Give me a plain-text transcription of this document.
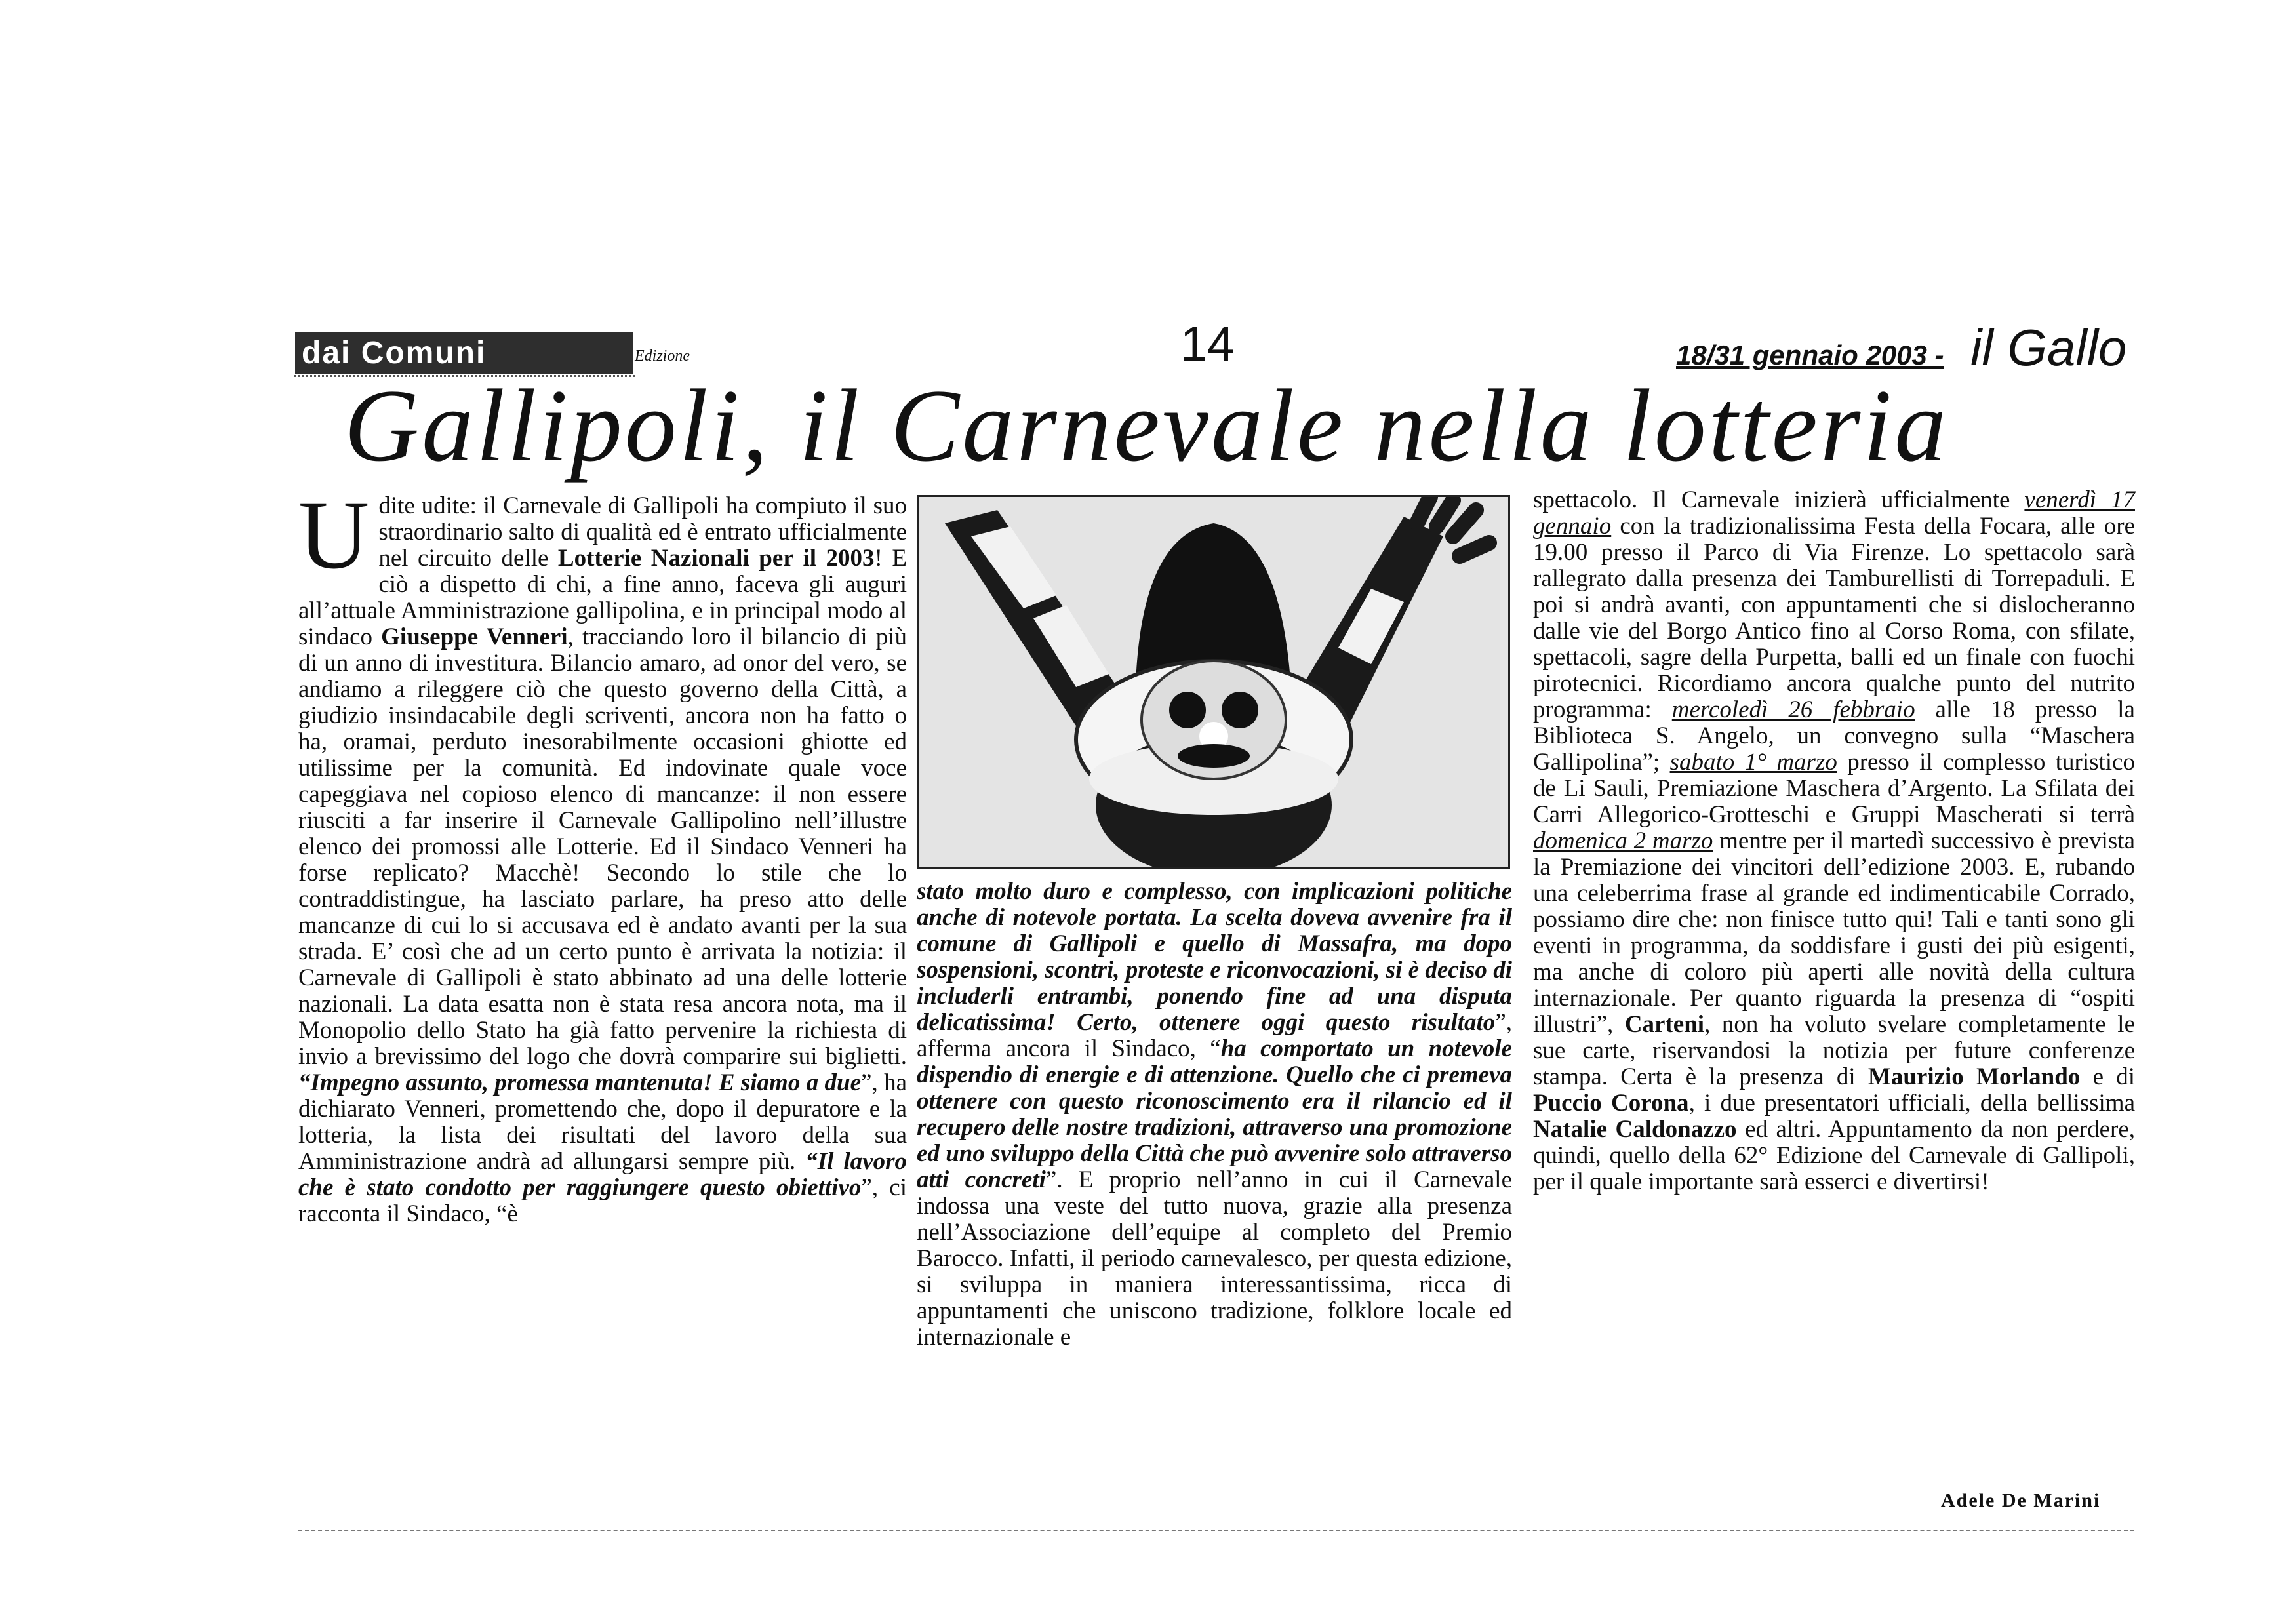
dai Comuni	Edizione	14	18/31 gennaio 2003 - il Gallo
Gallipoli, il Carnevale nella lotteria

Udite udite: il Carnevale di Gallipoli ha compiuto il suo straordinario salto di qualità ed è entrato ufficialmente nel circuito delle Lotterie Nazionali per il 2003! E ciò a dispetto di chi, a fine anno, faceva gli auguri all’attuale Amministrazione gallipolina, e in principal modo al sindaco Giuseppe Venneri, tracciando loro il bilancio di più di un anno di investitura. Bilancio amaro, ad onor del vero, se andiamo a rileggere ciò che questo governo della Città, a giudizio insindacabile degli scriventi, ancora non ha fatto o ha, oramai, perduto inesorabilmente occasioni ghiotte ed utilissime per la comunità. Ed indovinate quale voce capeggiava nel copioso elenco di mancanze: il non essere riusciti a far inserire il Carnevale Gallipolino nell’illustre elenco dei promossi alle Lotterie. Ed il Sindaco Venneri ha forse replicato? Macchè! Secondo lo stile che lo contraddistingue, ha lasciato parlare, ha preso atto delle mancanze di cui lo si accusava ed è andato avanti per la sua strada. E’ così che ad un certo punto è arrivata la notizia: il Carnevale di Gallipoli è stato abbinato ad una delle lotterie nazionali. La data esatta non è stata resa ancora nota, ma il Monopolio dello Stato ha già fatto pervenire la richiesta di invio a brevissimo del logo che dovrà comparire sui biglietti. “Impegno assunto, promessa mantenuta! E siamo a due”, ha dichiarato Venneri, promettendo che, dopo il depuratore e la lotteria, la lista dei risultati del lavoro della sua Amministrazione andrà ad allungarsi sempre più. “Il lavoro che è stato condotto per raggiungere questo obiettivo”, ci racconta il Sindaco, “è

stato molto duro e complesso, con implicazioni politiche anche di notevole portata. La scelta doveva avvenire fra il comune di Gallipoli e quello di Massafra, ma dopo sospensioni, scontri, proteste e riconvocazioni, si è deciso di includerli entrambi, ponendo fine ad una disputa delicatissima! Certo, ottenere oggi questo risultato”, afferma ancora il Sindaco, “ha comportato un notevole dispendio di energie e di attenzione. Quello che ci premeva ottenere con questo riconoscimento era il rilancio ed il recupero delle nostre tradizioni, attraverso una promozione ed uno sviluppo della Città che può avvenire solo attraverso atti concreti”. E proprio nell’anno in cui il Carnevale indossa una veste del tutto nuova, grazie alla presenza nell’Associazione dell’equipe al completo del Premio Barocco. Infatti, il periodo carnevalesco, per questa edizione, si sviluppa in maniera interessantissima, ricca di appuntamenti che uniscono tradizione, folklore locale ed internazionale e

spettacolo. Il Carnevale inizierà ufficialmente venerdì 17 gennaio con la tradizionalissima Festa della Focara, alle ore 19.00 presso il Parco di Via Firenze. Lo spettacolo sarà rallegrato dalla presenza dei Tamburellisti di Torrepaduli. E poi si andrà avanti, con appuntamenti che si dislocheranno dalle vie del Borgo Antico fino al Corso Roma, con sfilate, spettacoli, sagre della Purpetta, balli ed un finale con fuochi pirotecnici. Ricordiamo ancora qualche punto del nutrito programma: mercoledì 26 febbraio alle 18 presso la Biblioteca S. Angelo, un convegno sulla “Maschera Gallipolina”; sabato 1° marzo presso il complesso turistico de Li Sauli, Premiazione Maschera d’Argento. La Sfilata dei Carri Allegorico-Grotteschi e Gruppi Mascherati si terrà domenica 2 marzo mentre per il martedì successivo è prevista la Premiazione dei vincitori dell’edizione 2003. E, rubando una celeberrima frase al grande ed indimenticabile Corrado, possiamo dire che: non finisce tutto qui! Tali e tanti sono gli eventi in programma, da soddisfare i gusti dei più esigenti, ma anche di coloro più aperti alle novità della cultura internazionale. Per quanto riguarda la presenza di “ospiti illustri”, Carteni, non ha voluto svelare completamente le sue carte, riservandosi la notizia per future conferenze stampa. Certa è la presenza di Maurizio Morlando e di Puccio Corona, i due presentatori ufficiali, della bellissima Natalie Caldonazzo ed altri. Appuntamento da non perdere, quindi, quello della 62° Edizione del Carnevale di Gallipoli, per il quale importante sarà esserci e divertirsi!

Adele De Marini
